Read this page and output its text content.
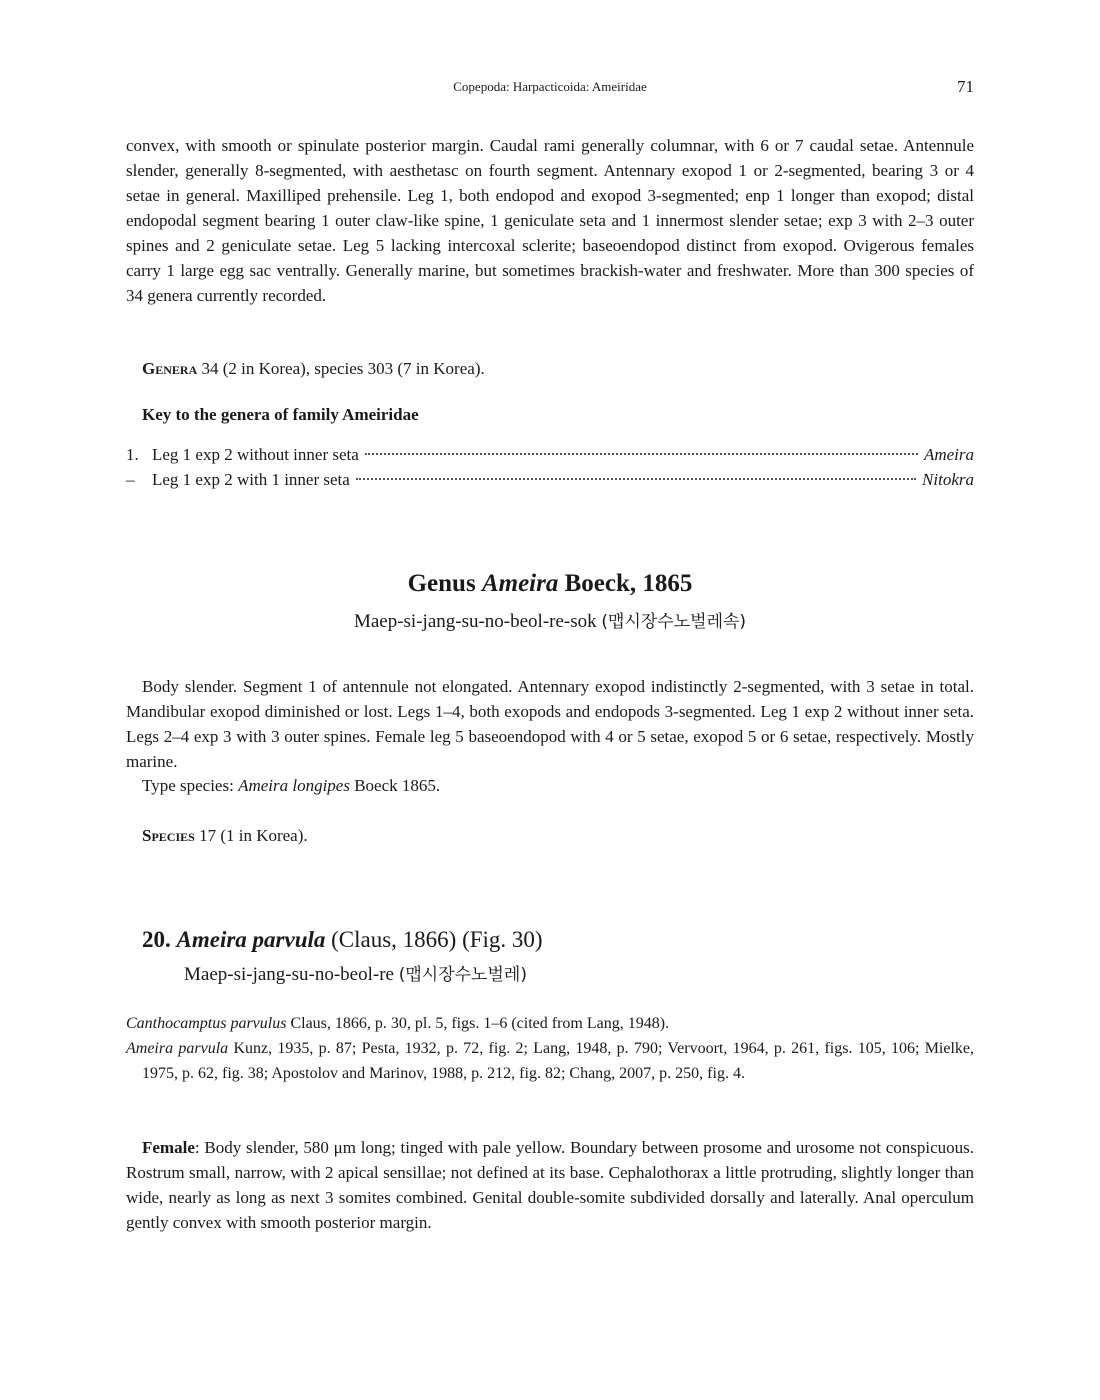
Copepoda: Harpacticoida: Ameiridae	71

convex, with smooth or spinulate posterior margin. Caudal rami generally columnar, with 6 or 7 caudal setae. Antennule slender, generally 8-segmented, with aesthetasc on fourth segment. Antennary exopod 1 or 2-segmented, bearing 3 or 4 setae in general. Maxilliped prehensile. Leg 1, both endopod and exopod 3-segmented; enp 1 longer than exopod; distal endopodal segment bearing 1 outer claw-like spine, 1 geniculate seta and 1 innermost slender setae; exp 3 with 2–3 outer spines and 2 geniculate setae. Leg 5 lacking intercoxal sclerite; baseoendopod distinct from exopod. Ovigerous females carry 1 large egg sac ventrally. Generally marine, but sometimes brackish-water and freshwater. More than 300 species of 34 genera currently recorded.

Genera 34 (2 in Korea), species 303 (7 in Korea).
Key to the genera of family Ameiridae
1. Leg 1 exp 2 without inner seta	Ameira
–	Leg 1 exp 2 with 1 inner seta	Nitokra
Genus Ameira Boeck, 1865
Maep-si-jang-su-no-beol-re-sok (맵시장수노벌레속)

Body slender. Segment 1 of antennule not elongated. Antennary exopod indistinctly 2-segmented, with 3 setae in total. Mandibular exopod diminished or lost. Legs 1–4, both exopods and endopods 3-segmented. Leg 1 exp 2 without inner seta. Legs 2–4 exp 3 with 3 outer spines. Female leg 5 baseoendopod with 4 or 5 setae, exopod 5 or 6 setae, respectively. Mostly marine.

Type species: Ameira longipes Boeck 1865.
Species 17 (1 in Korea).
20. Ameira parvula (Claus, 1866) (Fig. 30)
Maep-si-jang-su-no-beol-re (맵시장수노벌레)

Canthocamptus parvulus Claus, 1866, p. 30, pl. 5, figs. 1–6 (cited from Lang, 1948).

Ameira parvula Kunz, 1935, p. 87; Pesta, 1932, p. 72, fig. 2; Lang, 1948, p. 790; Vervoort, 1964, p. 261, figs. 105, 106; Mielke, 1975, p. 62, fig. 38; Apostolov and Marinov, 1988, p. 212, fig. 82; Chang, 2007, p. 250, fig. 4.

Female: Body slender, 580 μm long; tinged with pale yellow. Boundary between prosome and urosome not conspicuous. Rostrum small, narrow, with 2 apical sensillae; not defined at its base. Cephalothorax a little protruding, slightly longer than wide, nearly as long as next 3 somites combined. Genital double-somite subdivided dorsally and laterally. Anal operculum gently convex with smooth posterior margin.
